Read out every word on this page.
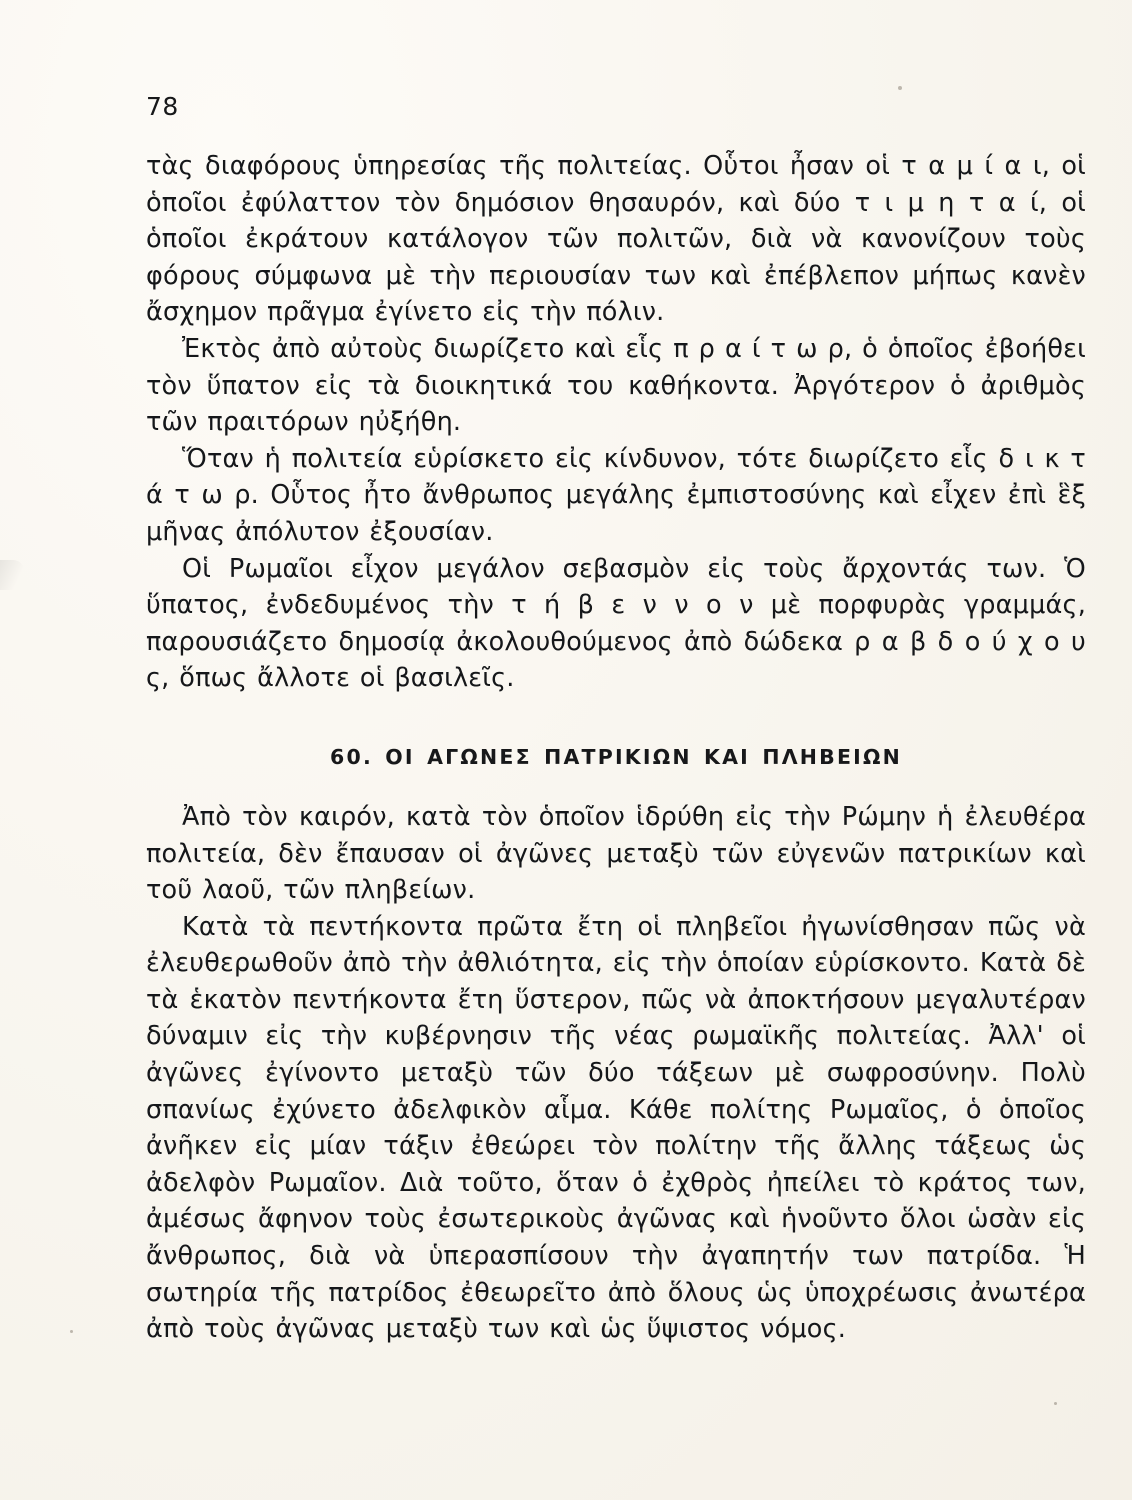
78

τὰς διαφόρους ὑπηρεσίας τῆς πολιτείας. Οὗτοι ἦσαν οἱ τ α μ ί α ι, οἱ ὁποῖοι ἐφύλαττον τὸν δημόσιον θησαυρόν, καὶ δύο τ ι μ η τ α ί, οἱ ὁποῖοι ἐκράτουν κατάλογον τῶν πολιτῶν, διὰ νὰ κανονίζουν τοὺς φόρους σύμφωνα μὲ τὴν περιουσίαν των καὶ ἐπέβλεπον μήπως κανὲν ἄσχημον πρᾶγμα ἐγίνετο εἰς τὴν πόλιν.

Ἐκτὸς ἀπὸ αὐτοὺς διωρίζετο καὶ εἷς π ρ α ί τ ω ρ, ὁ ὁποῖος ἐβοήθει τὸν ὕπατον εἰς τὰ διοικητικά του καθήκοντα. Ἀργότερον ὁ ἀριθμὸς τῶν πραιτόρων ηὐξήθη.

Ὅταν ἡ πολιτεία εὑρίσκετο εἰς κίνδυνον, τότε διωρίζετο εἷς δ ι κ τ ά τ ω ρ. Οὗτος ἦτο ἄνθρωπος μεγάλης ἐμπιστοσύνης καὶ εἶχεν ἐπὶ ἓξ μῆνας ἀπόλυτον ἐξουσίαν.

Οἱ Ρωμαῖοι εἶχον μεγάλον σεβασμὸν εἰς τοὺς ἄρχοντάς των. Ὁ ὕπατος, ἐνδεδυμένος τὴν τ ή β ε ν ν ο ν μὲ πορφυρὰς γραμμάς, παρουσιάζετο δημοσίᾳ ἀκολουθούμενος ἀπὸ δώδεκα ρ α β δ ο ύ χ ο υ ς, ὅπως ἄλλοτε οἱ βασιλεῖς.

60. ΟΙ ΑΓΩΝΕΣ ΠΑΤΡΙΚΙΩΝ ΚΑΙ ΠΛΗΒΕΙΩΝ

Ἀπὸ τὸν καιρόν, κατὰ τὸν ὁποῖον ἱδρύθη εἰς τὴν Ρώμην ἡ ἐλευθέρα πολιτεία, δὲν ἔπαυσαν οἱ ἀγῶνες μεταξὺ τῶν εὐγενῶν πατρικίων καὶ τοῦ λαοῦ, τῶν πληβείων.

Κατὰ τὰ πεντήκοντα πρῶτα ἔτη οἱ πληβεῖοι ἠγωνίσθησαν πῶς νὰ ἐλευθερωθοῦν ἀπὸ τὴν ἀθλιότητα, εἰς τὴν ὁποίαν εὑρίσκοντο. Κατὰ δὲ τὰ ἑκατὸν πεντήκοντα ἔτη ὕστερον, πῶς νὰ ἀποκτήσουν μεγαλυτέραν δύναμιν εἰς τὴν κυβέρνησιν τῆς νέας ρωμαϊκῆς πολιτείας. Ἀλλ' οἱ ἀγῶνες ἐγίνοντο μεταξὺ τῶν δύο τάξεων μὲ σωφροσύνην. Πολὺ σπανίως ἐχύνετο ἀδελφικὸν αἷμα. Κάθε πολίτης Ρωμαῖος, ὁ ὁποῖος ἀνῆκεν εἰς μίαν τάξιν ἐθεώρει τὸν πολίτην τῆς ἄλλης τάξεως ὡς ἀδελφὸν Ρωμαῖον. Διὰ τοῦτο, ὅταν ὁ ἐχθρὸς ἠπείλει τὸ κράτος των, ἀμέσως ἄφηνον τοὺς ἐσωτερικοὺς ἀγῶνας καὶ ἡνοῦντο ὅλοι ὡσὰν εἰς ἄνθρωπος, διὰ νὰ ὑπερασπίσουν τὴν ἀγαπητήν των πατρίδα. Ἡ σωτηρία τῆς πατρίδος ἐθεωρεῖτο ἀπὸ ὅλους ὡς ὑποχρέωσις ἀνωτέρα ἀπὸ τοὺς ἀγῶνας μεταξὺ των καὶ ὡς ὕψιστος νόμος.
